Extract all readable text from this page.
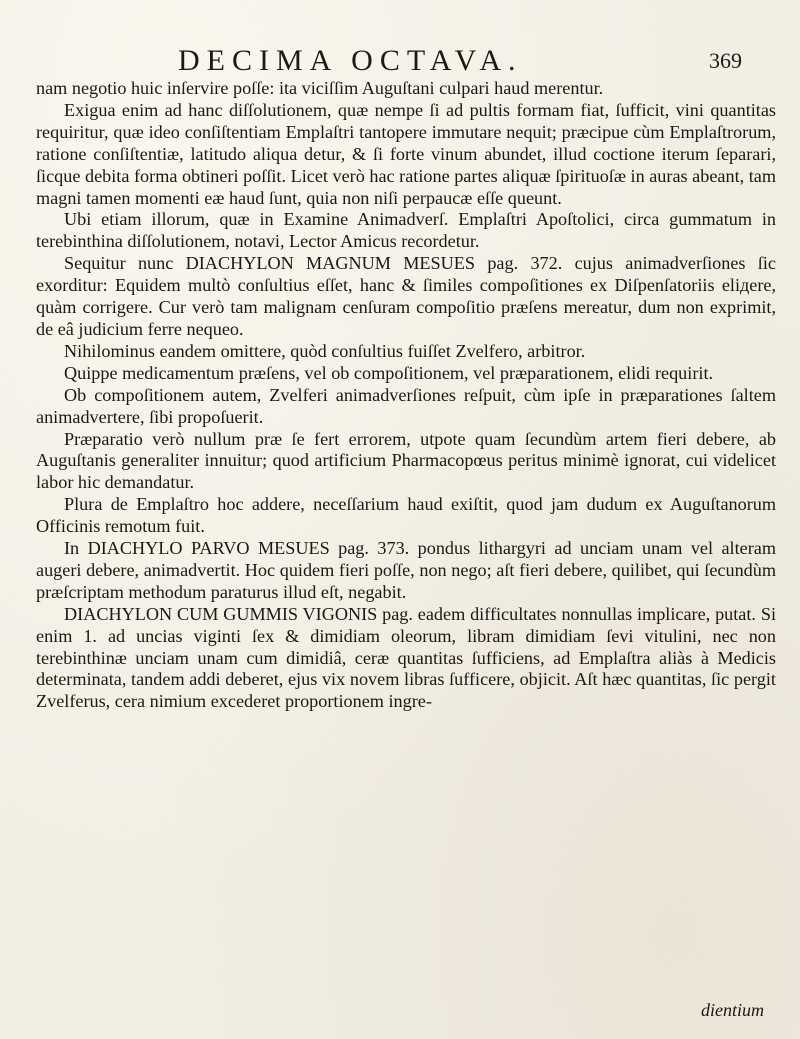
DECIMA OCTAVA.	369

nam negotio huic inſervire poſſe: ita viciſſim Auguſtani culpari haud merentur.

Exigua enim ad hanc diſſolutionem, quæ nempe ſi ad pultis formam fiat, ſufficit, vini quantitas requiritur, quæ ideo conſiſtentiam Emplaſtri tantopere immutare nequit; præcipue cùm Emplaſtrorum, ratione conſiſtentiæ, latitudo aliqua detur, & ſi forte vinum abundet, illud coctione iterum ſeparari, ſicque debita forma obtineri poſſit. Licet verò hac ratione partes aliquæ ſpirituoſæ in auras abeant, tam magni tamen momenti eæ haud ſunt, quia non niſi perpaucæ eſſe queunt.

Ubi etiam illorum, quæ in Examine Animadverſ. Emplaſtri Apoſtolici, circa gummatum in terebinthina diſſolutionem, notavi, Lector Amicus recordetur.

Sequitur nunc DIACHYLON MAGNUM MESUES pag. 372. cujus animadverſiones ſic exorditur: Equidem multò conſultius eſſet, hanc & ſimiles compoſitiones ex Diſpenſatoriis eliдere, quàm corrigere. Cur verò tam malignam cenſuram compoſitio præſens mereatur, dum non exprimit, de eâ judicium ferre nequeo.

Nihilominus eandem omittere, quòd conſultius fuiſſet Zvelfero, arbitror.

Quippe medicamentum præſens, vel ob compoſitionem, vel præparationem, elidi requirit.

Ob compoſitionem autem, Zvelferi animadverſiones reſpuit, cùm ipſe in præparationes ſaltem animadvertere, ſibi propoſuerit.

Præparatio verò nullum præ ſe fert errorem, utpote quam ſecundùm artem fieri debere, ab Auguſtanis generaliter innuitur; quod artificium Pharmacopœus peritus minimè ignorat, cui videlicet labor hic demandatur.

Plura de Emplaſtro hoc addere, neceſſarium haud exiſtit, quod jam dudum ex Auguſtanorum Officinis remotum fuit.

In DIACHYLO PARVO MESUES pag. 373. pondus lithargyri ad unciam unam vel alteram augeri debere, animadvertit. Hoc quidem fieri poſſe, non nego; aſt fieri debere, quilibet, qui ſecundùm præſcriptam methodum paraturus illud eſt, negabit.

DIACHYLON CUM GUMMIS VIGONIS pag. eadem difficultates nonnullas implicare, putat. Si enim 1. ad uncias viginti ſex & dimidiam oleorum, libram dimidiam ſevi vitulini, nec non terebinthinæ unciam unam cum dimidiâ, ceræ quantitas ſufficiens, ad Emplaſtra aliàs à Medicis determinata, tandem addi deberet, ejus vix novem libras ſufficere, objicit. Aſt hæc quantitas, ſic pergit Zvelferus, cera nimium excederet proportionem ingre-

dientium
